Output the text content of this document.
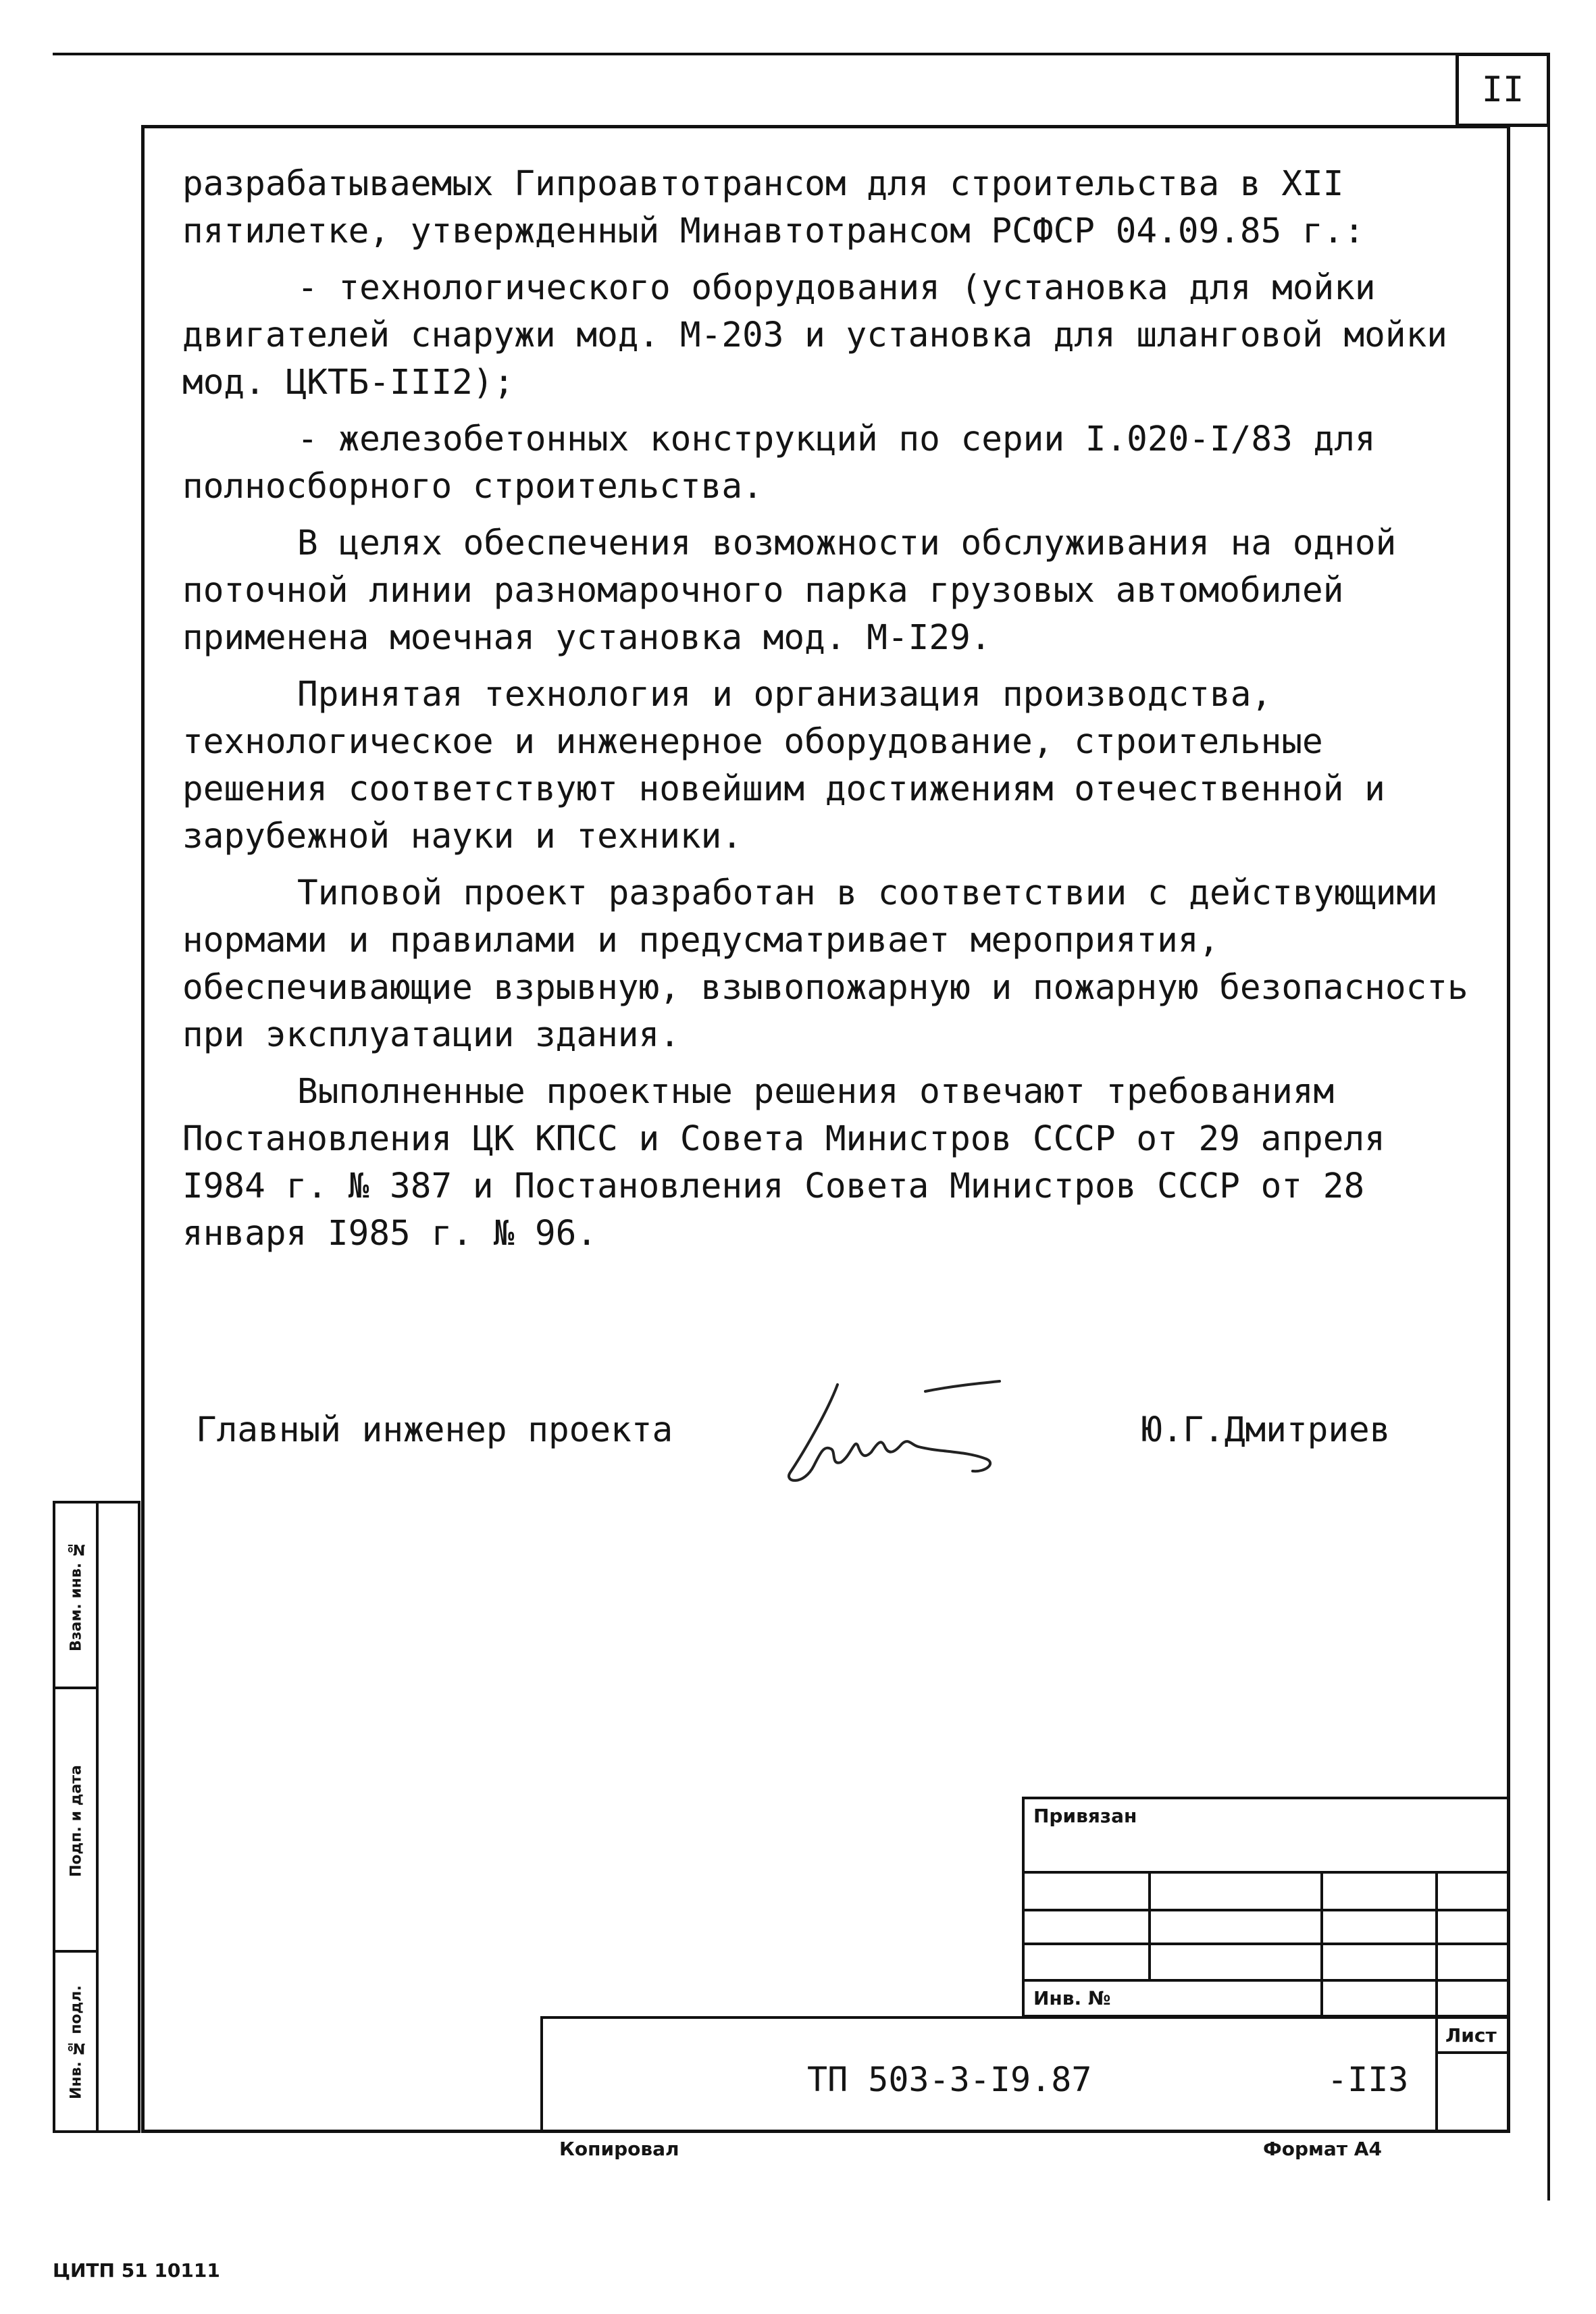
II

разрабатываемых Гипроавтотрансом для строительства в XII пятилетке, утвержденный Минавтотрансом РСФСР 04.09.85 г.:

- технологического оборудования (установка для мойки двигателей снаружи мод. М-203 и установка для шланговой мойки мод. ЦКТБ-III2);

- железобетонных конструкций по серии I.020-I/83 для полносборного строительства.

В целях обеспечения возможности обслуживания на одной поточной линии разномарочного парка грузовых автомобилей применена моечная установка мод. М-I29.

Принятая технология и организация производства, технологическое и инженерное оборудование, строительные решения соответствуют новейшим достижениям отечественной и зарубежной науки и техники.

Типовой проект разработан в соответствии с действующими нормами и правилами и предусматривает мероприятия, обеспечивающие взрывную, взывопожарную и пожарную безопасность при эксплуатации здания.

Выполненные проектные решения отвечают требованиям Постановления ЦК КПСС и Совета Министров СССР от 29 апреля I984 г. № 387 и Постановления Совета Министров СССР от 28 января I985 г. № 96.

Главный инженер проекта	Ю.Г.Дмитриев
Взам. инв. №
Подп. и дата
Инв. № подл.
Привязан
Инв. №
Лист
ТП 503-3-I9.87	-II3
Копировал	Формат А4
ЦИТП 51 10111
